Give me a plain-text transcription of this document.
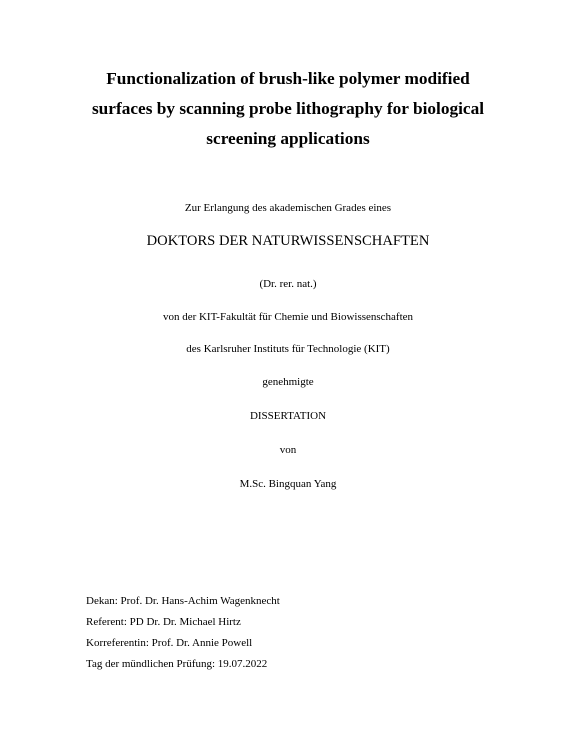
Functionalization of brush-like polymer modified
surfaces by scanning probe lithography for biological
screening applications
Zur Erlangung des akademischen Grades eines
DOKTORS DER NATURWISSENSCHAFTEN
(Dr. rer. nat.)
von der KIT-Fakultät für Chemie und Biowissenschaften
des Karlsruher Instituts für Technologie (KIT)
genehmigte
DISSERTATION
von
M.Sc. Bingquan Yang
Dekan: Prof. Dr. Hans-Achim Wagenknecht
Referent: PD Dr. Dr. Michael Hirtz
Korreferentin: Prof. Dr. Annie Powell
Tag der mündlichen Prüfung: 19.07.2022
